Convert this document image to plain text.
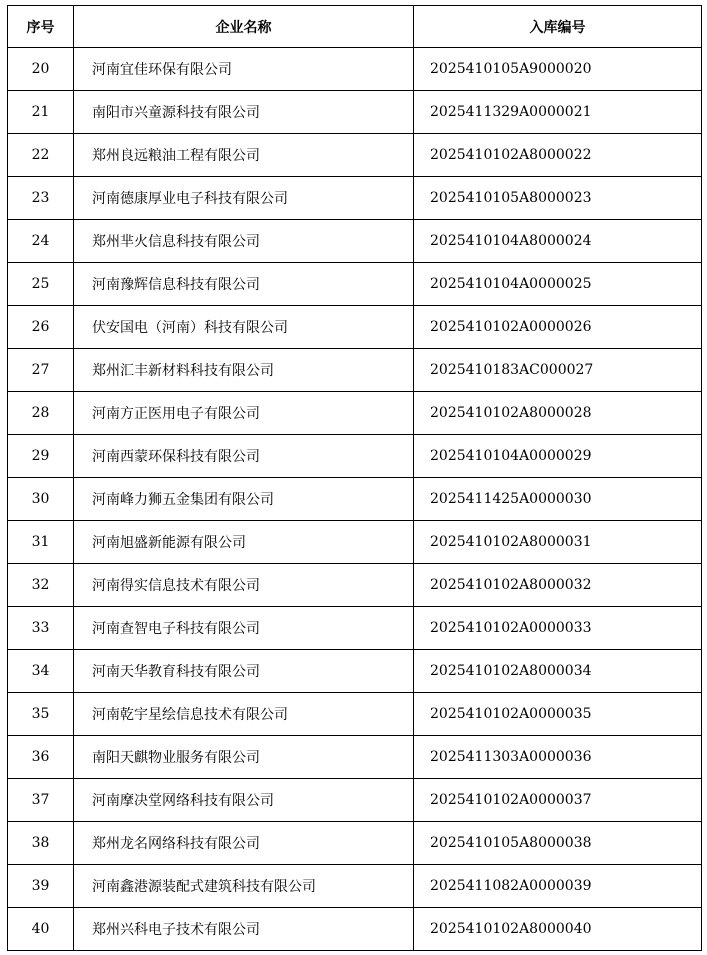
序号	企业名称	入库编号
20	河南宜佳环保有限公司	2025410105A9000020
21	南阳市兴童源科技有限公司	2025411329A0000021
22	郑州良远粮油工程有限公司	2025410102A8000022
23	河南德康厚业电子科技有限公司	2025410105A8000023
24	郑州芈火信息科技有限公司	2025410104A8000024
25	河南豫辉信息科技有限公司	2025410104A0000025
26	伏安国电（河南）科技有限公司	2025410102A0000026
27	郑州汇丰新材料科技有限公司	2025410183AC000027
28	河南方正医用电子有限公司	2025410102A8000028
29	河南西蒙环保科技有限公司	2025410104A0000029
30	河南峰力狮五金集团有限公司	2025411425A0000030
31	河南旭盛新能源有限公司	2025410102A8000031
32	河南得实信息技术有限公司	2025410102A8000032
33	河南查智电子科技有限公司	2025410102A0000033
34	河南天华教育科技有限公司	2025410102A8000034
35	河南乾宇星绘信息技术有限公司	2025410102A0000035
36	南阳天麒物业服务有限公司	2025411303A0000036
37	河南摩决堂网络科技有限公司	2025410102A0000037
38	郑州龙名网络科技有限公司	2025410105A8000038
39	河南鑫港源装配式建筑科技有限公司	2025411082A0000039
40	郑州兴科电子技术有限公司	2025410102A8000040
